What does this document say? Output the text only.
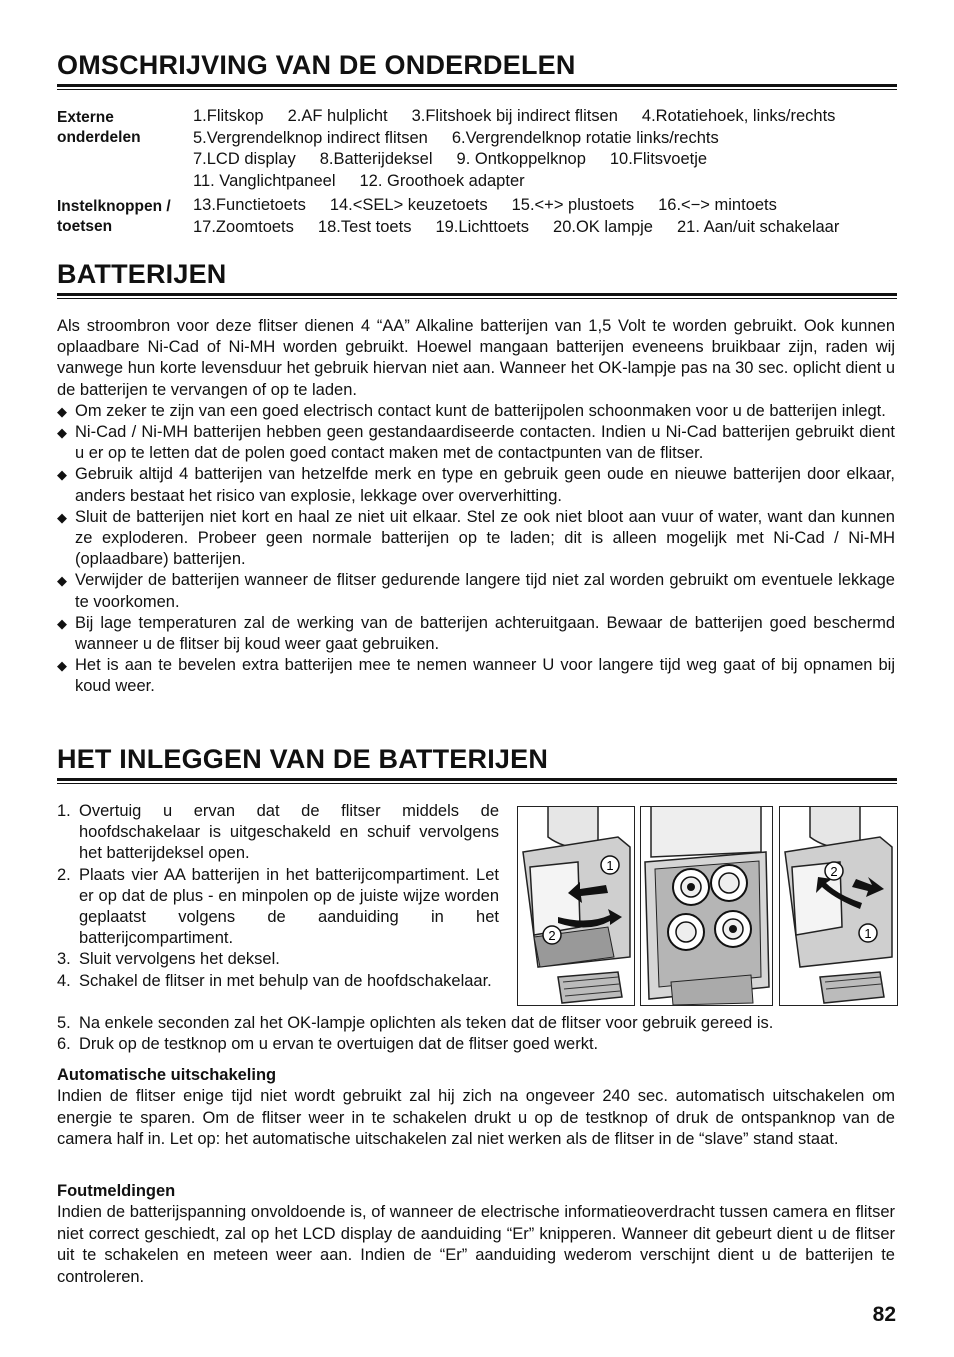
OMSCHRIJVING VAN DE ONDERDELEN
Externe onderdelen
1.Flitskop 2.AF hulplicht 3.Flitshoek bij indirect flitsen 4.Rotatiehoek, links/rechts
5.Vergrendelknop indirect flitsen 6.Vergrendelknop rotatie links/rechts
7.LCD display 8.Batterijdeksel 9. Ontkoppelknop 10.Flitsvoetje
11. Vanglichtpaneel 12. Groothoek adapter
Instelknoppen / toetsen
13.Functietoets 14.<SEL> keuzetoets 15.<+> plustoets 16.<−> mintoets
17.Zoomtoets 18.Test toets 19.Lichttoets 20.OK lampje 21. Aan/uit schakelaar
BATTERIJEN

Als stroombron voor deze flitser dienen 4 “AA” Alkaline batterijen van 1,5 Volt te worden gebruikt. Ook kunnen oplaadbare Ni-Cad of Ni-MH worden gebruikt. Hoewel mangaan batterijen eveneens bruikbaar zijn, raden wij vanwege hun korte levensduur het gebruik hiervan niet aan. Wanneer het OK-lampje pas na 30 sec. oplicht dient u de batterijen te vervangen of op te laden.

◆ Om zeker te zijn van een goed electrisch contact kunt de batterijpolen schoonmaken voor u de batterijen inlegt.
◆ Ni-Cad / Ni-MH batterijen hebben geen gestandaardiseerde contacten. Indien u Ni-Cad batterijen gebruikt dient u er op te letten dat de polen goed contact maken met de contactpunten van de flitser.
◆ Gebruik altijd 4 batterijen van hetzelfde merk en type en gebruik geen oude en nieuwe batterijen door elkaar, anders bestaat het risico van explosie, lekkage over oververhitting.
◆ Sluit de batterijen niet kort en haal ze niet uit elkaar. Stel ze ook niet bloot aan vuur of water, want dan kunnen ze exploderen. Probeer geen normale batterijen op te laden; dit is alleen mogelijk met Ni-Cad / Ni-MH (oplaadbare) batterijen.
◆ Verwijder de batterijen wanneer de flitser gedurende langere tijd niet zal worden gebruikt om eventuele lekkage te voorkomen.
◆ Bij lage temperaturen zal de werking van de batterijen achteruitgaan. Bewaar de batterijen goed beschermd wanneer u de flitser bij koud weer gaat gebruiken.
◆ Het is aan te bevelen extra batterijen mee te nemen wanneer U voor langere tijd weg gaat of bij opnamen bij koud weer.
HET INLEGGEN VAN DE BATTERIJEN
1. Overtuig u ervan dat de flitser middels de hoofdschakelaar is uitgeschakeld en schuif vervolgens het batterijdeksel open.
2. Plaats vier AA batterijen in het batterijcompartiment. Let er op dat de plus - en minpolen op de juiste wijze worden geplaatst volgens de aanduiding in het batterijcompartiment.
3. Sluit vervolgens het deksel.
4. Schakel de flitser in met behulp van de hoofdschakelaar.
1
2
2
1
5. Na enkele seconden zal het OK-lampje oplichten als teken dat de flitser voor gebruik gereed is.
6. Druk op de testknop om u ervan te overtuigen dat de flitser goed werkt.
Automatische uitschakeling
Indien de flitser enige tijd niet wordt gebruikt zal hij zich na ongeveer 240 sec. automatisch uitschakelen om energie te sparen. Om de flitser weer in te schakelen drukt u op de testknop of druk de ontspanknop van de camera half in. Let op: het automatische uitschakelen zal niet werken als de flitser in de “slave” stand staat.
Foutmeldingen
Indien de batterijspanning onvoldoende is, of wanneer de electrische informatieoverdracht tussen camera en flitser niet correct geschiedt, zal op het LCD display de aanduiding “Er” knipperen. Wanneer dit gebeurt dient u de flitser uit te schakelen en meteen weer aan. Indien de “Er” aanduiding wederom verschijnt dient u de batterijen te controleren.
82
